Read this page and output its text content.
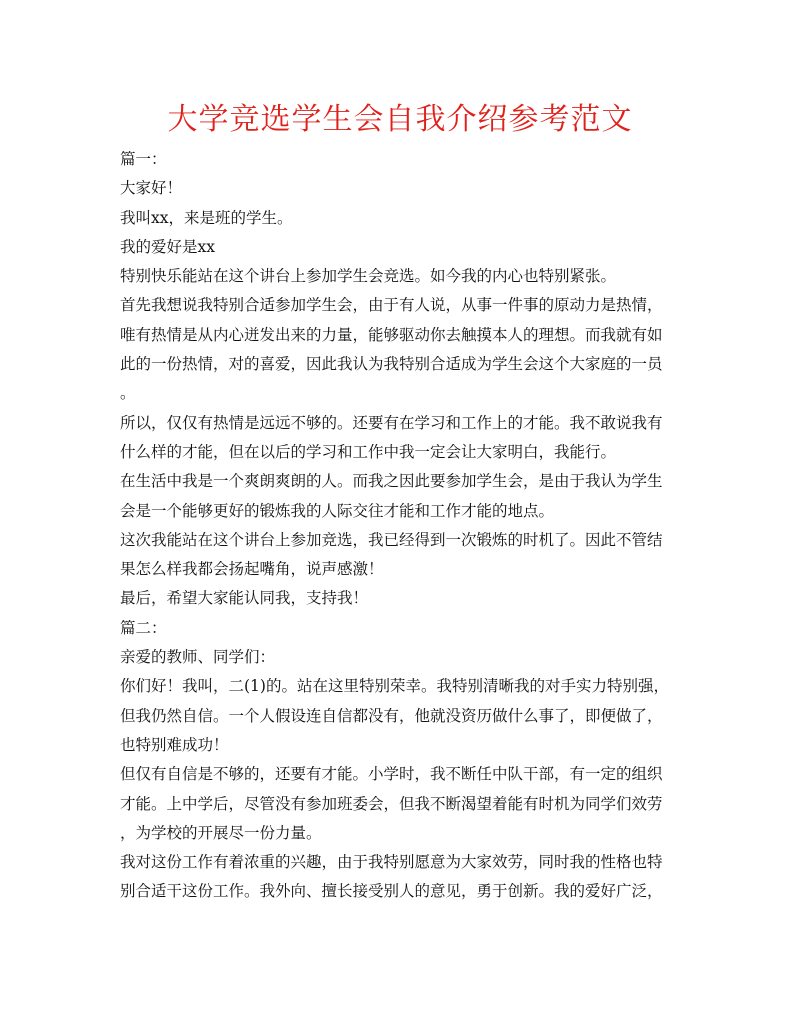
大学竞选学生会自我介绍参考范文
篇一：
大家好！
我叫xx，来是班的学生。
我的爱好是xx
特别快乐能站在这个讲台上参加学生会竞选。如今我的内心也特别紧张。
首先我想说我特别合适参加学生会，由于有人说，从事一件事的原动力是热情，
唯有热情是从内心迸发出来的力量，能够驱动你去触摸本人的理想。而我就有如
此的一份热情，对的喜爱，因此我认为我特别合适成为学生会这个大家庭的一员
。
所以，仅仅有热情是远远不够的。还要有在学习和工作上的才能。我不敢说我有
什么样的才能，但在以后的学习和工作中我一定会让大家明白，我能行。
在生活中我是一个爽朗爽朗的人。而我之因此要参加学生会，是由于我认为学生
会是一个能够更好的锻炼我的人际交往才能和工作才能的地点。
这次我能站在这个讲台上参加竞选，我已经得到一次锻炼的时机了。因此不管结
果怎么样我都会扬起嘴角，说声感激！
最后，希望大家能认同我，支持我！
篇二：
亲爱的教师、同学们：
你们好！我叫，二(1)的。站在这里特别荣幸。我特别清晰我的对手实力特别强，
但我仍然自信。一个人假设连自信都没有，他就没资历做什么事了，即便做了，
也特别难成功！
但仅有自信是不够的，还要有才能。小学时，我不断任中队干部，有一定的组织
才能。上中学后，尽管没有参加班委会，但我不断渴望着能有时机为同学们效劳
，为学校的开展尽一份力量。
我对这份工作有着浓重的兴趣，由于我特别愿意为大家效劳，同时我的性格也特
别合适干这份工作。我外向、擅长接受别人的意见，勇于创新。我的爱好广泛，
